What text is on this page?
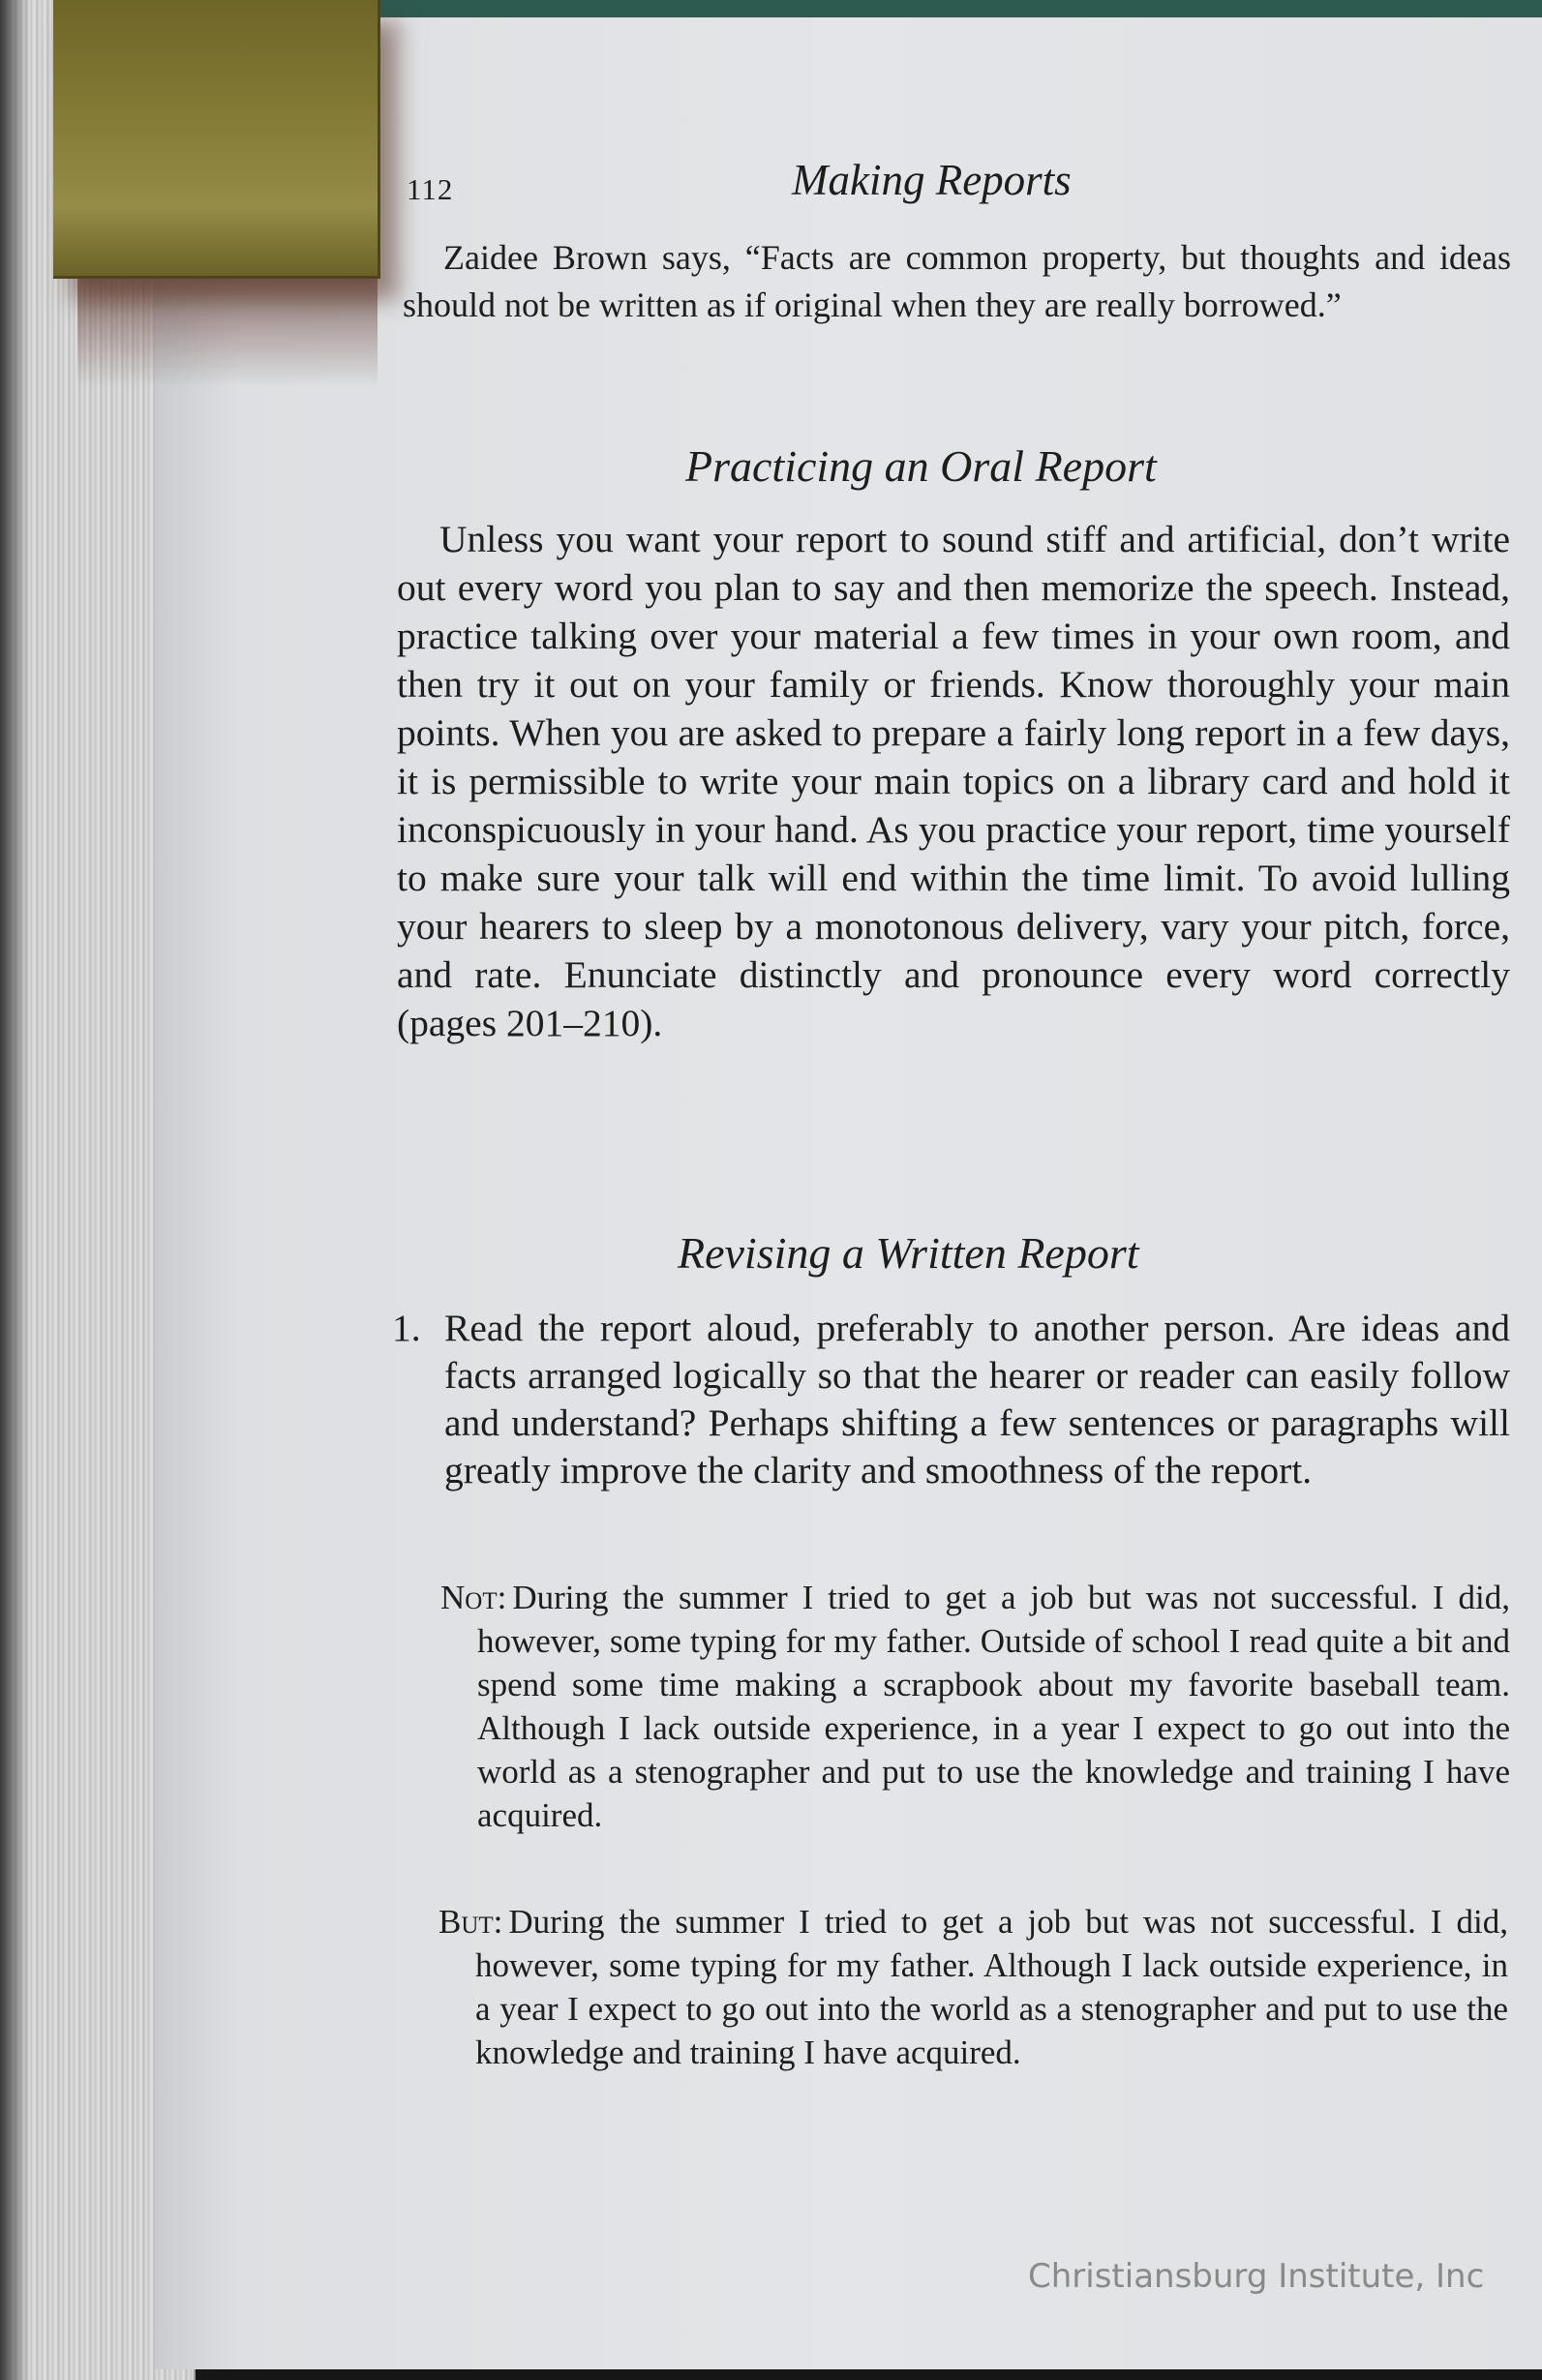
112	Making Reports
Zaidee Brown says, “Facts are common property, but thoughts and ideas should not be written as if original when they are really borrowed.”
Practicing an Oral Report
Unless you want your report to sound stiff and artificial, don’t write out every word you plan to say and then memorize the speech. Instead, practice talking over your material a few times in your own room, and then try it out on your family or friends. Know thoroughly your main points. When you are asked to prepare a fairly long report in a few days, it is permissible to write your main topics on a library card and hold it inconspicuously in your hand. As you practice your report, time yourself to make sure your talk will end within the time limit. To avoid lulling your hearers to sleep by a monotonous delivery, vary your pitch, force, and rate. Enunciate distinctly and pronounce every word correctly (pages 201–210).
Revising a Written Report
1. Read the report aloud, preferably to another person. Are ideas and facts arranged logically so that the hearer or reader can easily follow and understand? Perhaps shifting a few sentences or paragraphs will greatly improve the clarity and smoothness of the report.
Not: During the summer I tried to get a job but was not successful. I did, however, some typing for my father. Outside of school I read quite a bit and spend some time making a scrapbook about my favorite baseball team. Although I lack outside experience, in a year I expect to go out into the world as a stenographer and put to use the knowledge and training I have acquired.
But: During the summer I tried to get a job but was not successful. I did, however, some typing for my father. Although I lack outside experience, in a year I expect to go out into the world as a stenographer and put to use the knowledge and training I have acquired.
Christiansburg Institute, Inc
